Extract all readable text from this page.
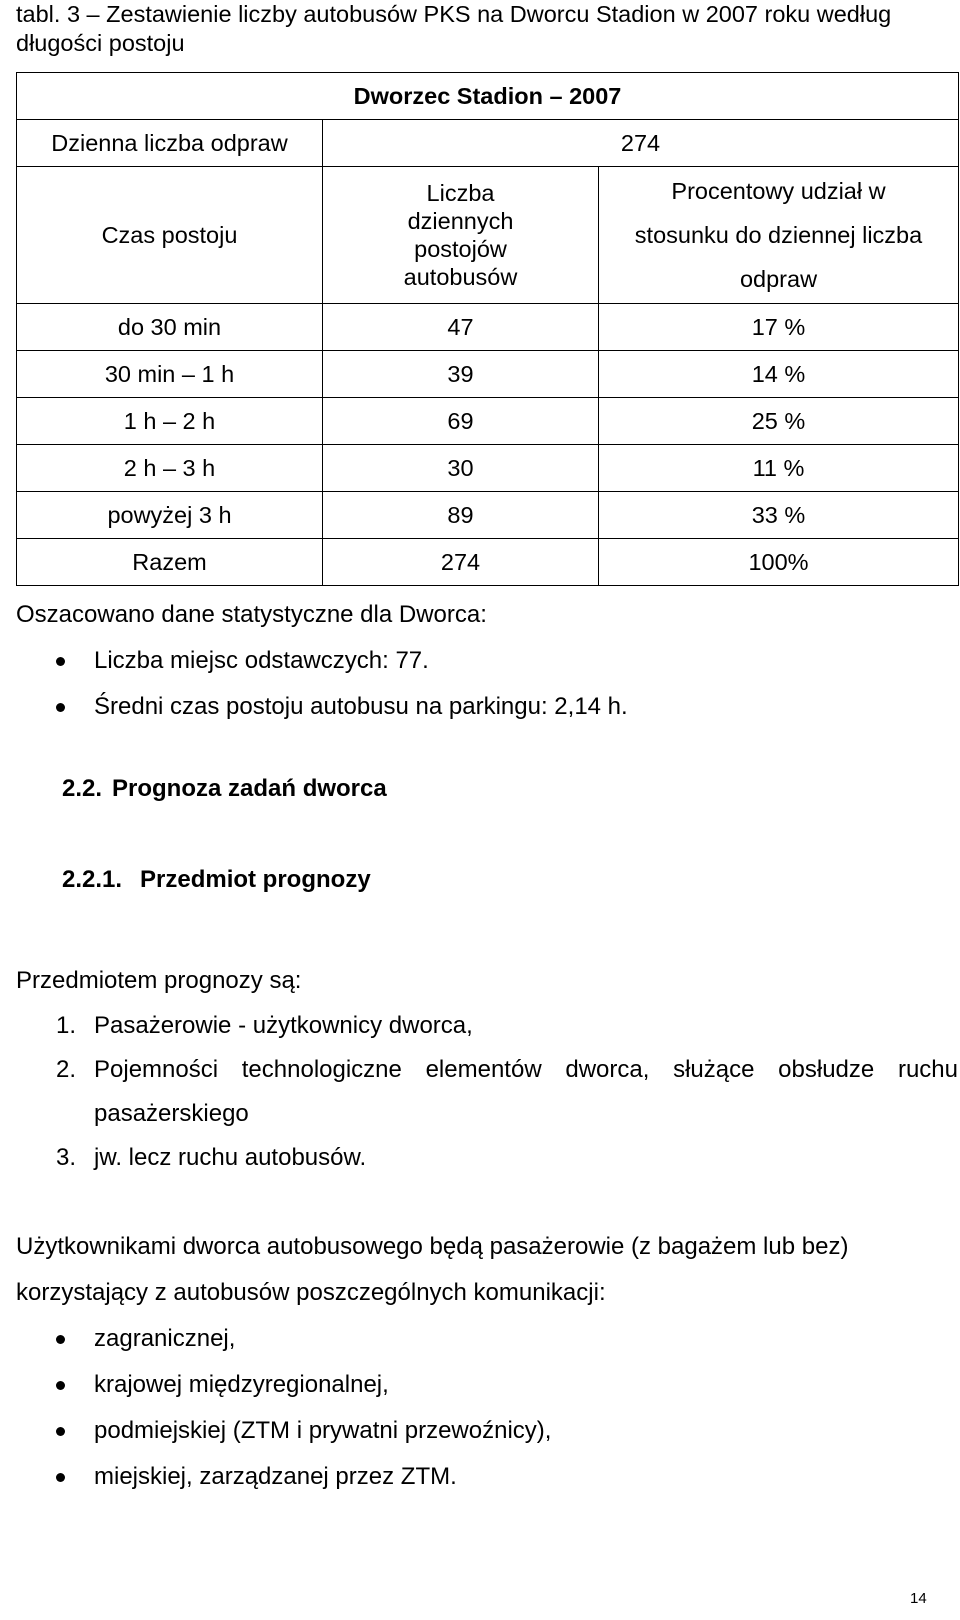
tabl. 3 – Zestawienie liczby autobusów PKS na Dworcu Stadion w 2007 roku według długości postoju
Dworzec Stadion – 2007		
Dzienna liczba odpraw	274	
Czas postoju	Liczba dziennych postojów autobusów	Procentowy udział w stosunku do dziennej liczba odpraw
do 30 min	47	17 %
30 min – 1 h	39	14 %
1 h – 2 h	69	25 %
2 h – 3 h	30	11 %
powyżej 3 h	89	33 %
Razem	274	100%
Oszacowano dane statystyczne dla Dworca:
Liczba miejsc odstawczych: 77.
Średni czas postoju autobusu na parkingu: 2,14 h.
2.2. Prognoza zadań dworca
2.2.1. Przedmiot prognozy
Przedmiotem prognozy są:
1. Pasażerowie - użytkownicy dworca,
2. Pojemności technologiczne elementów dworca, służące obsłudze ruchu pasażerskiego
3. jw. lecz ruchu autobusów.
Użytkownikami dworca autobusowego będą pasażerowie (z bagażem lub bez) korzystający z autobusów poszczególnych komunikacji:
zagranicznej,
krajowej międzyregionalnej,
podmiejskiej (ZTM i prywatni przewoźnicy),
miejskiej, zarządzanej przez ZTM.
14
